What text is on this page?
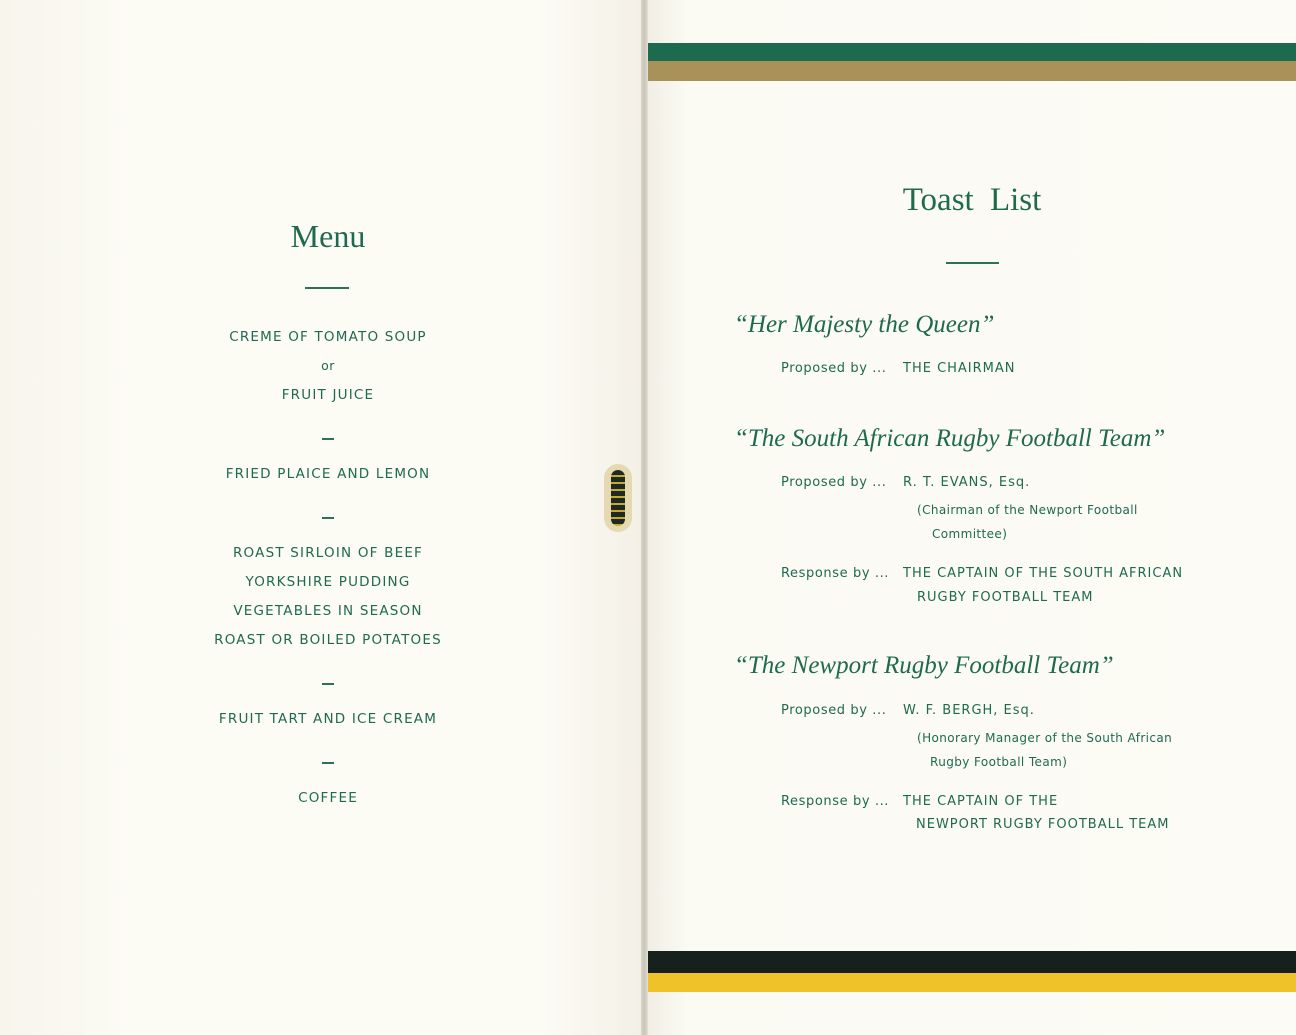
Menu
CREME OF TOMATO SOUP
or
FRUIT JUICE
FRIED PLAICE AND LEMON
ROAST SIRLOIN OF BEEF
YORKSHIRE PUDDING
VEGETABLES IN SEASON
ROAST OR BOILED POTATOES
FRUIT TART AND ICE CREAM
COFFEE
Toast List
“Her Majesty the Queen”
Proposed by ... THE CHAIRMAN
“The South African Rugby Football Team”
Proposed by ... R. T. EVANS, Esq.
(Chairman of the Newport Football
Committee)
Response by ... THE CAPTAIN OF THE SOUTH AFRICAN
RUGBY FOOTBALL TEAM
“The Newport Rugby Football Team”
Proposed by ... W. F. BERGH, Esq.
(Honorary Manager of the South African
Rugby Football Team)
Response by ... THE CAPTAIN OF THE
NEWPORT RUGBY FOOTBALL TEAM
